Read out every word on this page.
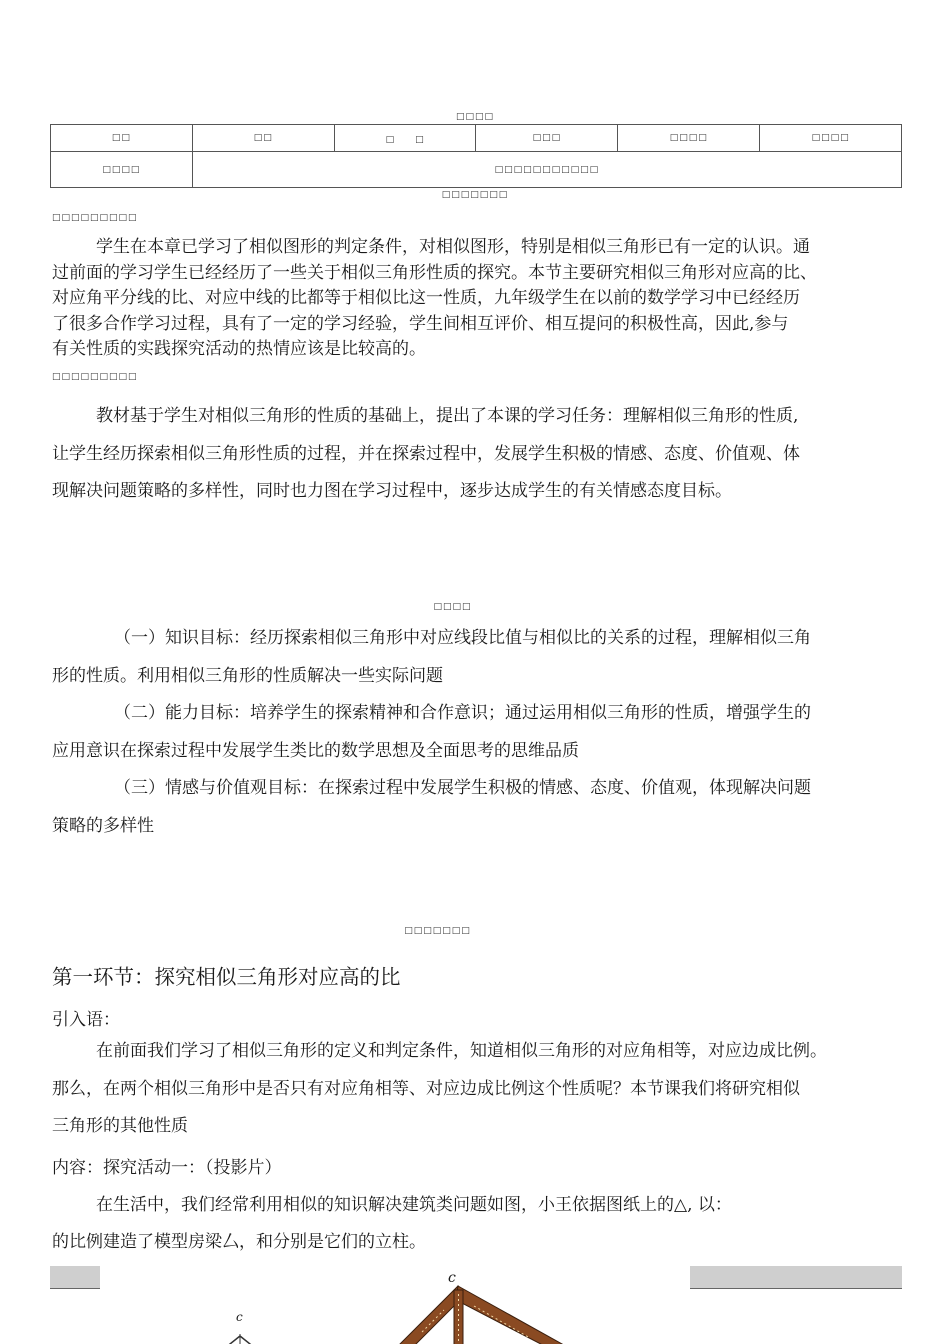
□□□□
□□	□□	□　　□	□□□	□□□□	□□□□
□□□□	□□□□□□□□□□□				
□□□□□□□
□□□□□□□□□
学生在本章已学习了相似图形的判定条件，对相似图形，特别是相似三角形已有一定的认识。通
过前面的学习学生已经经历了一些关于相似三角形性质的探究。本节主要研究相似三角形对应高的比、
对应角平分线的比、对应中线的比都等于相似比这一性质，九年级学生在以前的数学学习中已经经历
了很多合作学习过程，具有了一定的学习经验，学生间相互评价、相互提问的积极性高，因此,参与
有关性质的实践探究活动的热情应该是比较高的。
□□□□□□□□□
教材基于学生对相似三角形的性质的基础上，提出了本课的学习任务：理解相似三角形的性质,
让学生经历探索相似三角形性质的过程，并在探索过程中，发展学生积极的情感、态度、价值观、体
现解决问题策略的多样性，同时也力图在学习过程中，逐步达成学生的有关情感态度目标。
□□□□
（一）知识目标：经历探索相似三角形中对应线段比值与相似比的关系的过程，理解相似三角
形的性质。利用相似三角形的性质解决一些实际问题
（二）能力目标：培养学生的探索精神和合作意识；通过运用相似三角形的性质，增强学生的
应用意识在探索过程中发展学生类比的数学思想及全面思考的思维品质
（三）情感与价值观目标：在探索过程中发展学生积极的情感、态度、价值观，体现解决问题
策略的多样性
□□□□□□□
第一环节：探究相似三角形对应高的比
引入语：
在前面我们学习了相似三角形的定义和判定条件，知道相似三角形的对应角相等，对应边成比例。
那么，在两个相似三角形中是否只有对应角相等、对应边成比例这个性质呢？本节课我们将研究相似
三角形的其他性质
内容：探究活动一：（投影片）
在生活中，我们经常利用相似的知识解决建筑类问题如图，小王依据图纸上的△, 以：
的比例建造了模型房梁厶，和分别是它们的立柱。
c
c
